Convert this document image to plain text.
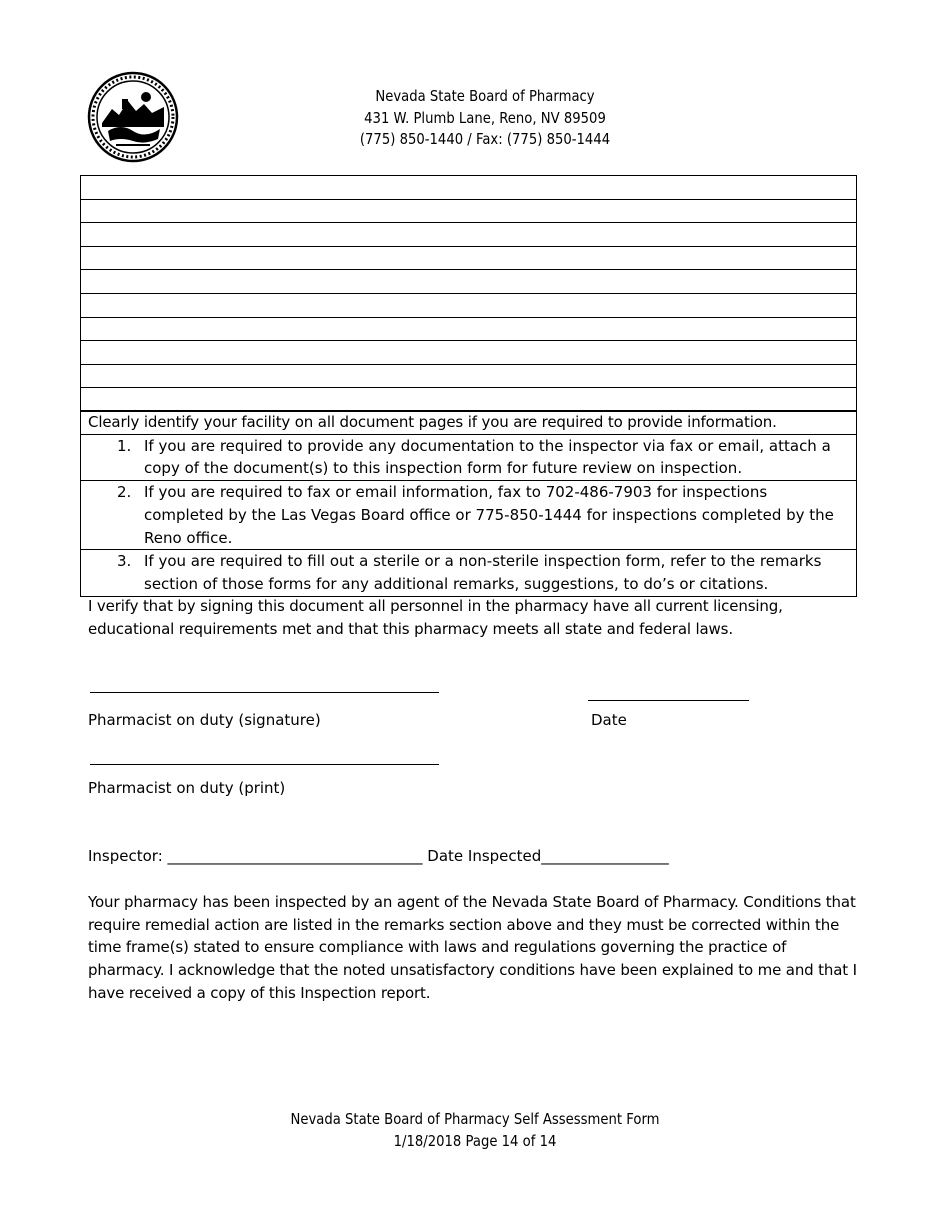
Nevada State Board of Pharmacy
431 W. Plumb Lane, Reno, NV 89509
(775) 850-1440 / Fax: (775) 850-1444

Clearly identify your facility on all document pages if you are required to provide information.

1. If you are required to provide any documentation to the inspector via fax or email, attach a copy of the document(s) to this inspection form for future review on inspection.

2. If you are required to fax or email information, fax to 702-486-7903 for inspections completed by the Las Vegas Board office or 775-850-1444 for inspections completed by the Reno office.

3. If you are required to fill out a sterile or a non-sterile inspection form, refer to the remarks section of those forms for any additional remarks, suggestions, to do’s or citations.
I verify that by signing this document all personnel in the pharmacy have all current licensing, educational requirements met and that this pharmacy meets all state and federal laws.
Pharmacist on duty (signature)	Date
Pharmacist on duty (print)
Inspector: __________________________________ Date Inspected_________________
Your pharmacy has been inspected by an agent of the Nevada State Board of Pharmacy. Conditions that require remedial action are listed in the remarks section above and they must be corrected within the time frame(s) stated to ensure compliance with laws and regulations governing the practice of pharmacy. I acknowledge that the noted unsatisfactory conditions have been explained to me and that I have received a copy of this Inspection report.
Nevada State Board of Pharmacy Self Assessment Form
1/18/2018 Page 14 of 14
